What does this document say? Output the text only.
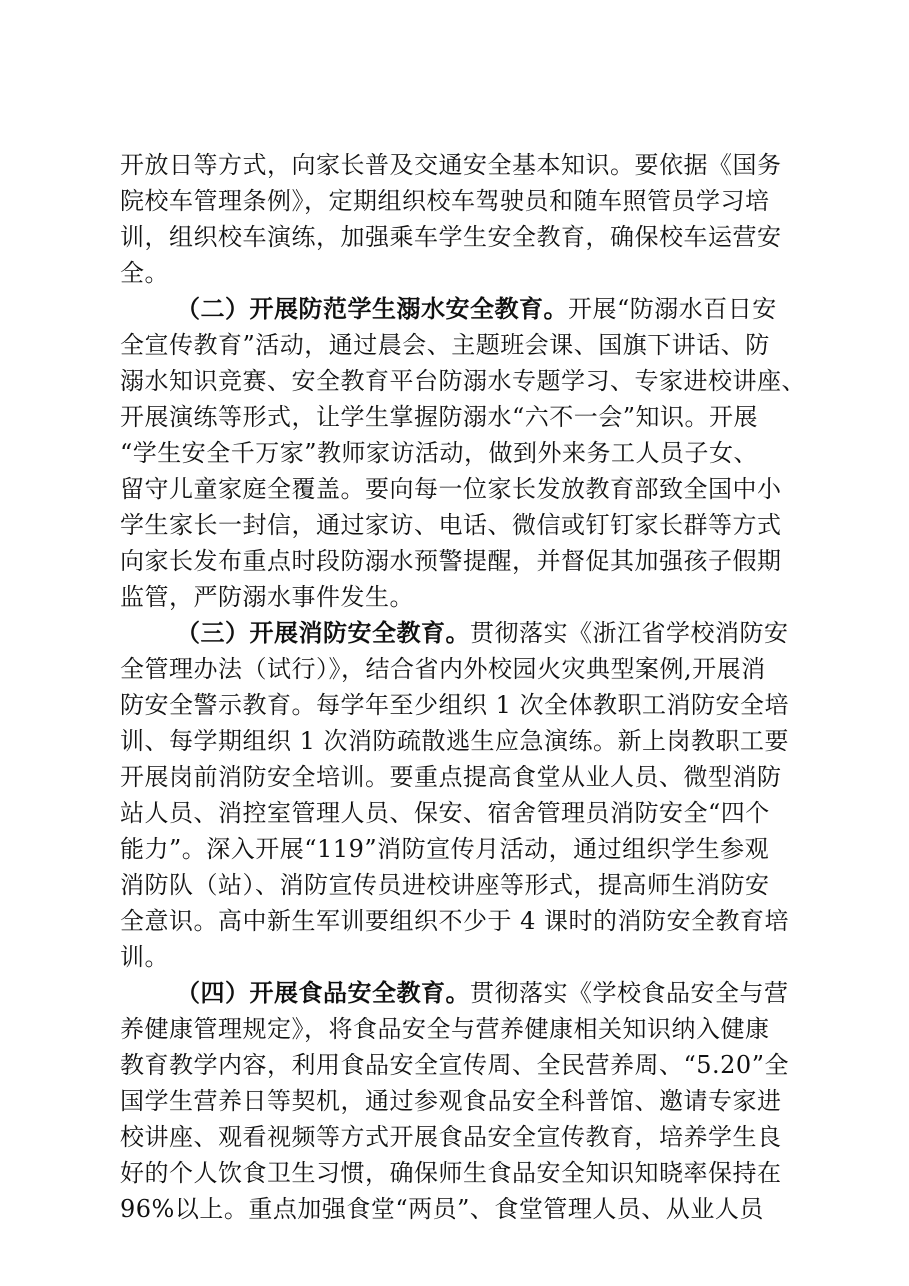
开放日等方式，向家长普及交通安全基本知识。要依据《国务
院校车管理条例》，定期组织校车驾驶员和随车照管员学习培
训，组织校车演练，加强乘车学生安全教育，确保校车运营安
全。
（二）开展防范学生溺水安全教育。开展“防溺水百日安
全宣传教育”活动，通过晨会、主题班会课、国旗下讲话、防
溺水知识竞赛、安全教育平台防溺水专题学习、专家进校讲座、
开展演练等形式，让学生掌握防溺水“六不一会”知识。开展
“学生安全千万家”教师家访活动，做到外来务工人员子女、
留守儿童家庭全覆盖。要向每一位家长发放教育部致全国中小
学生家长一封信，通过家访、电话、微信或钉钉家长群等方式
向家长发布重点时段防溺水预警提醒，并督促其加强孩子假期
监管，严防溺水事件发生。
（三）开展消防安全教育。贯彻落实《浙江省学校消防安
全管理办法（试行）》，结合省内外校园火灾典型案例,开展消
防安全警示教育。每学年至少组织 1 次全体教职工消防安全培
训、每学期组织 1 次消防疏散逃生应急演练。新上岗教职工要
开展岗前消防安全培训。要重点提高食堂从业人员、微型消防
站人员、消控室管理人员、保安、宿舍管理员消防安全“四个
能力”。深入开展“119”消防宣传月活动，通过组织学生参观
消防队（站）、消防宣传员进校讲座等形式，提高师生消防安
全意识。高中新生军训要组织不少于 4 课时的消防安全教育培
训。
（四）开展食品安全教育。贯彻落实《学校食品安全与营
养健康管理规定》，将食品安全与营养健康相关知识纳入健康
教育教学内容，利用食品安全宣传周、全民营养周、“5.20”全
国学生营养日等契机，通过参观食品安全科普馆、邀请专家进
校讲座、观看视频等方式开展食品安全宣传教育，培养学生良
好的个人饮食卫生习惯，确保师生食品安全知识知晓率保持在
96%以上。重点加强食堂“两员”、食堂管理人员、从业人员
